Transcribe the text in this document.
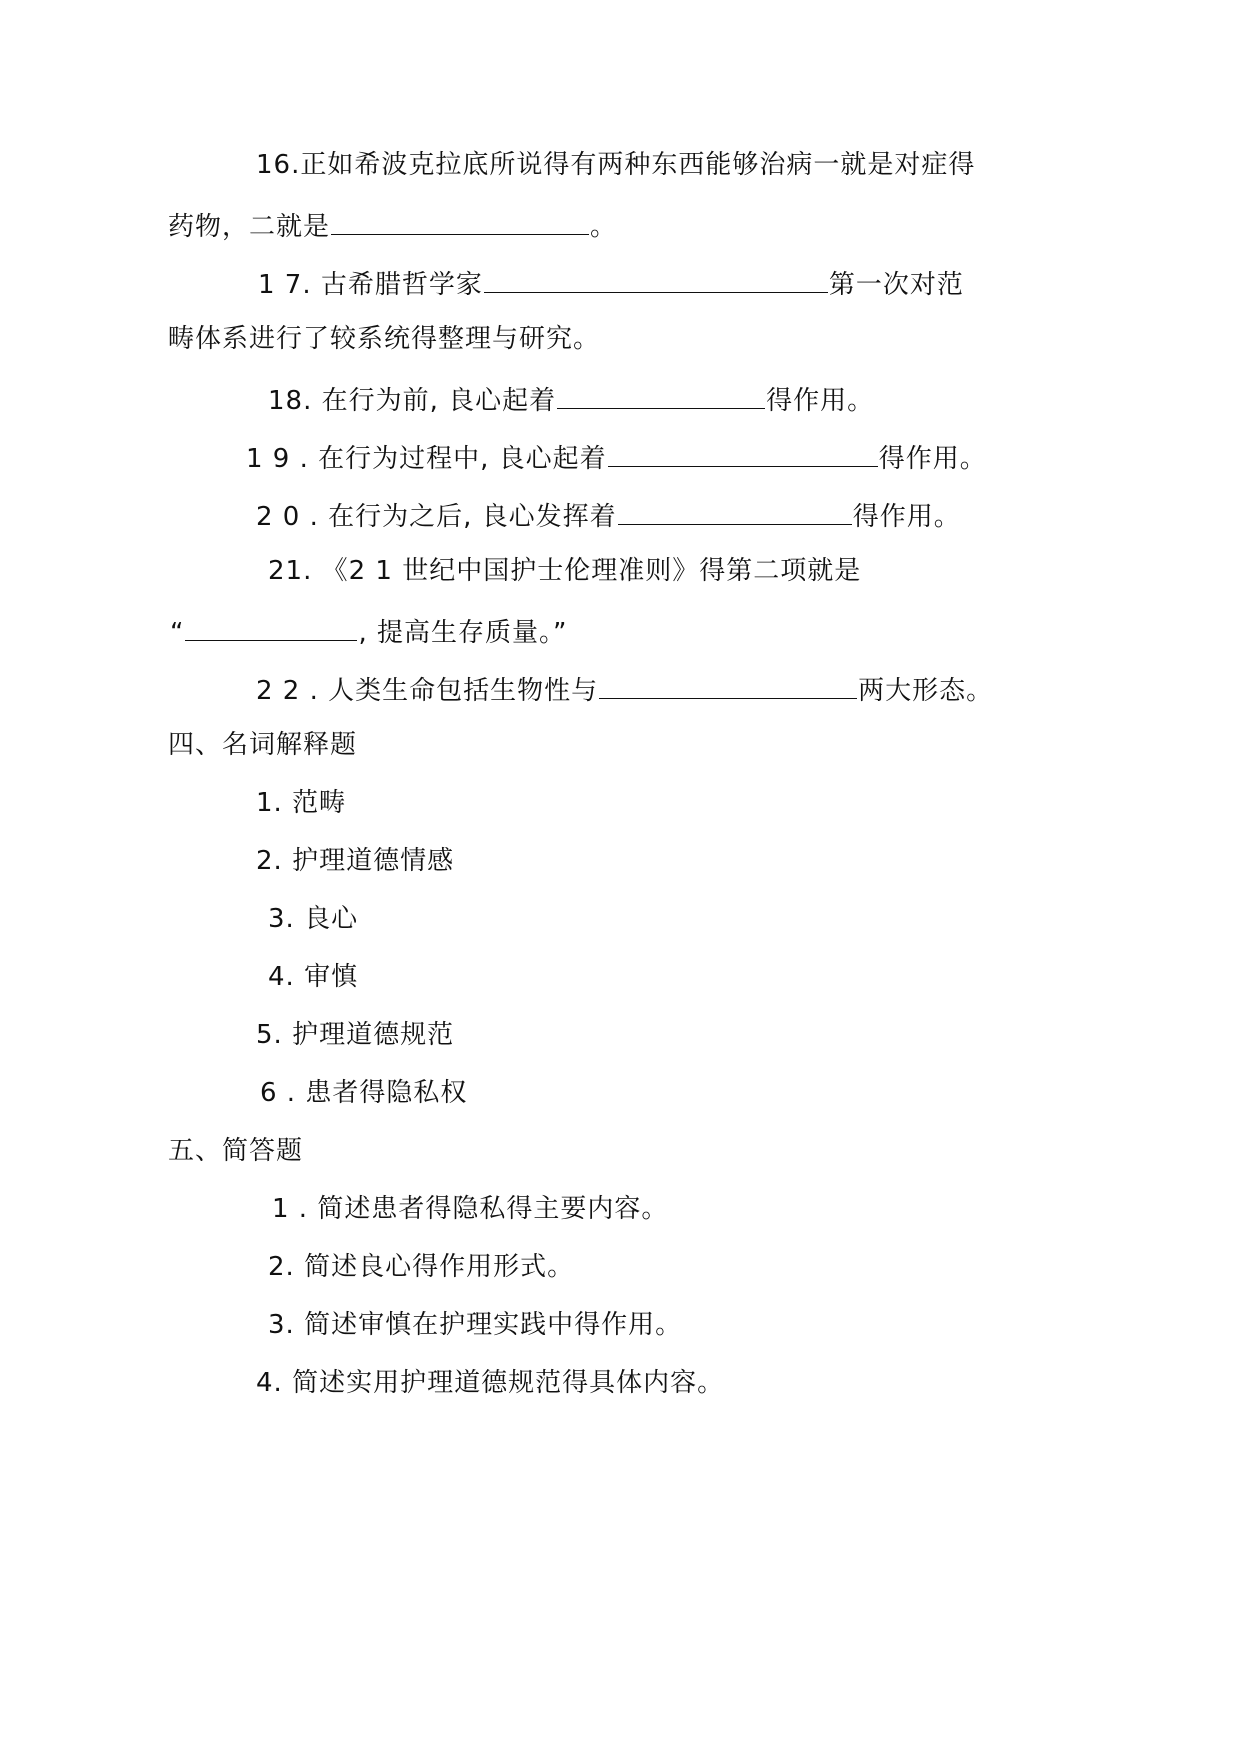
16.正如希波克拉底所说得有两种东西能够治病一就是对症得
药物，二就是	。
1 7. 古希腊哲学家	第一次对范
畴体系进行了较系统得整理与研究。
18. 在行为前, 良心起着	得作用。
1 9 . 在行为过程中, 良心起着	得作用。
2 0 . 在行为之后, 良心发挥着	得作用。
21. 《2 1 世纪中国护士伦理准则》得第二项就是
“	, 提高生存质量。”
2 2 . 人类生命包括生物性与	两大形态。
四、名词解释题
1. 范畴
2. 护理道德情感
3. 良心
4. 审慎
5. 护理道德规范
6 . 患者得隐私权
五、简答题
1 . 简述患者得隐私得主要内容。
2. 简述良心得作用形式。
3. 简述审慎在护理实践中得作用。
4. 简述实用护理道德规范得具体内容。
